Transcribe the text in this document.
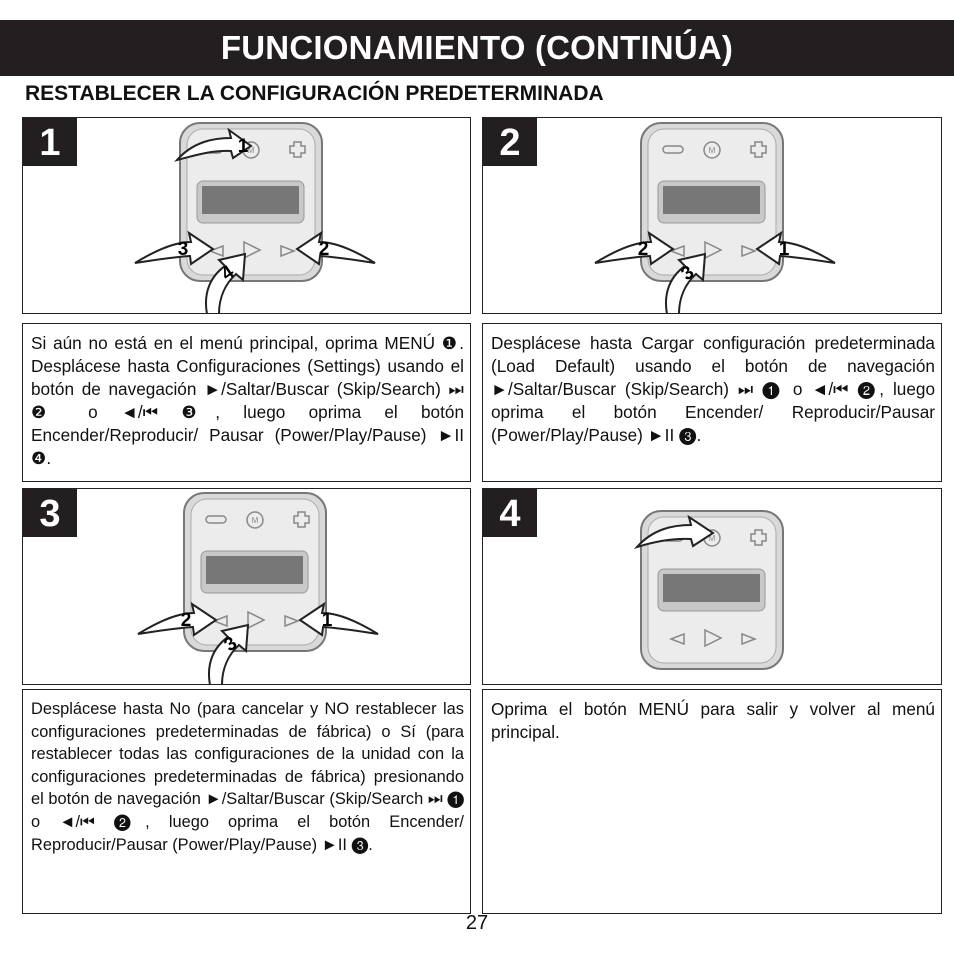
FUNCIONAMIENTO (CONTINÚA)
RESTABLECER LA CONFIGURACIÓN PREDETERMINADA
1	M
1
3	2
4
2	M
2	1
3

Si aún no está en el menú principal, oprima MENÚ ❶. Desplácese hasta Configuraciones (Settings) usando el botón de navegación ►/Saltar/Buscar (Skip/Search) ⏭ ❷ o ◄/⏮ ❸, luego oprima el botón Encender/Reproducir/ Pausar (Power/Play/Pause) ►II ❹.

Desplácese hasta Cargar configuración predeterminada (Load Default) usando el botón de navegación ►/Saltar/Buscar (Skip/Search) ⏭ ❶ o ◄/⏮ ❷, luego oprima el botón Encender/ Reproducir/Pausar (Power/Play/Pause) ►II ❸.

3	M
2	1
3
4
M

Desplácese hasta No (para cancelar y NO restablecer las configuraciones predeterminadas de fábrica) o Sí (para restablecer todas las configuraciones de la unidad con la configuraciones predeterminadas de fábrica) presionando el botón de navegación ►/Saltar/Buscar (Skip/Search ⏭ ❶ o ◄/⏮ ❷, luego oprima el botón Encender/ Reproducir/Pausar (Power/Play/Pause) ►II ❸.

Oprima el botón MENÚ para salir y volver al menú principal.

27
